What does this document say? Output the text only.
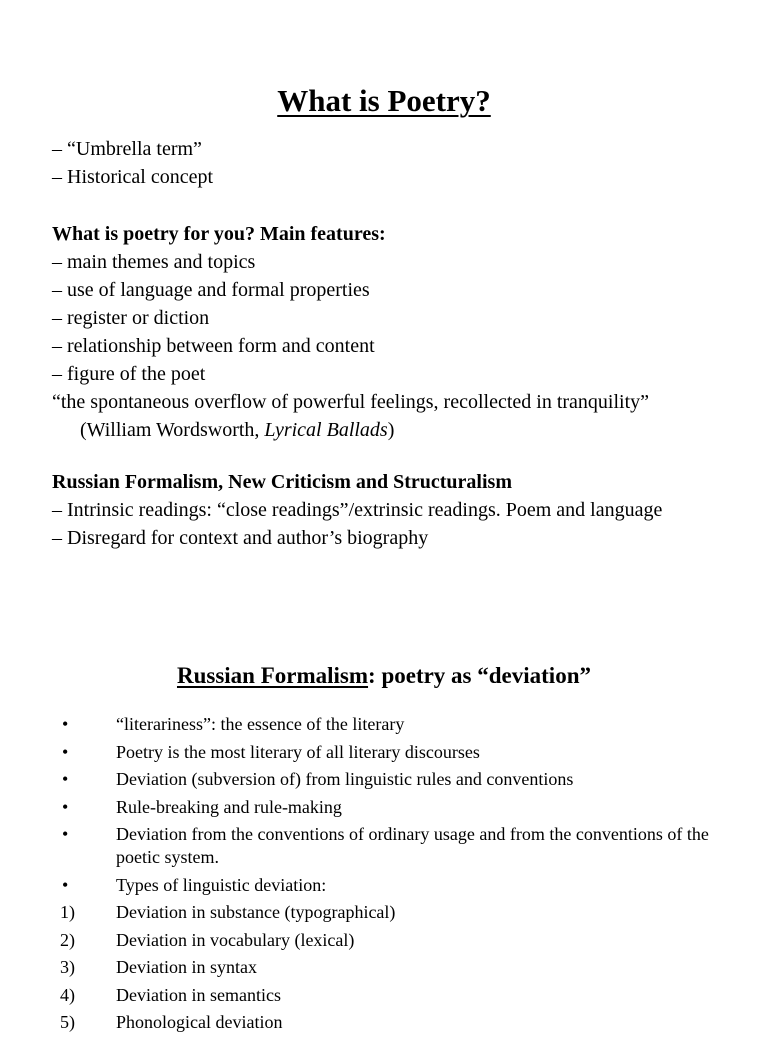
What is Poetry?
– “Umbrella term”
– Historical concept
What is poetry for you? Main features:
– main themes and topics
– use of language and formal properties
– register or diction
– relationship between form and content
– figure of the poet
“the spontaneous overflow of powerful feelings, recollected in tranquility”
(William Wordsworth, Lyrical Ballads)
Russian Formalism, New Criticism and Structuralism
– Intrinsic readings: “close readings”/extrinsic readings. Poem and language
– Disregard for context and author’s biography
Russian Formalism: poetry as “deviation”
•	“literariness”: the essence of the literary
•	Poetry is the most literary of all literary discourses
•	Deviation (subversion of) from linguistic rules and conventions
•	Rule-breaking and rule-making
•	Deviation from the conventions of ordinary usage and from the conventions of the poetic system.
•	Types of linguistic deviation:
1) Deviation in substance (typographical)
2) Deviation in vocabulary (lexical)
3) Deviation in syntax
4) Deviation in semantics
5) Phonological deviation
